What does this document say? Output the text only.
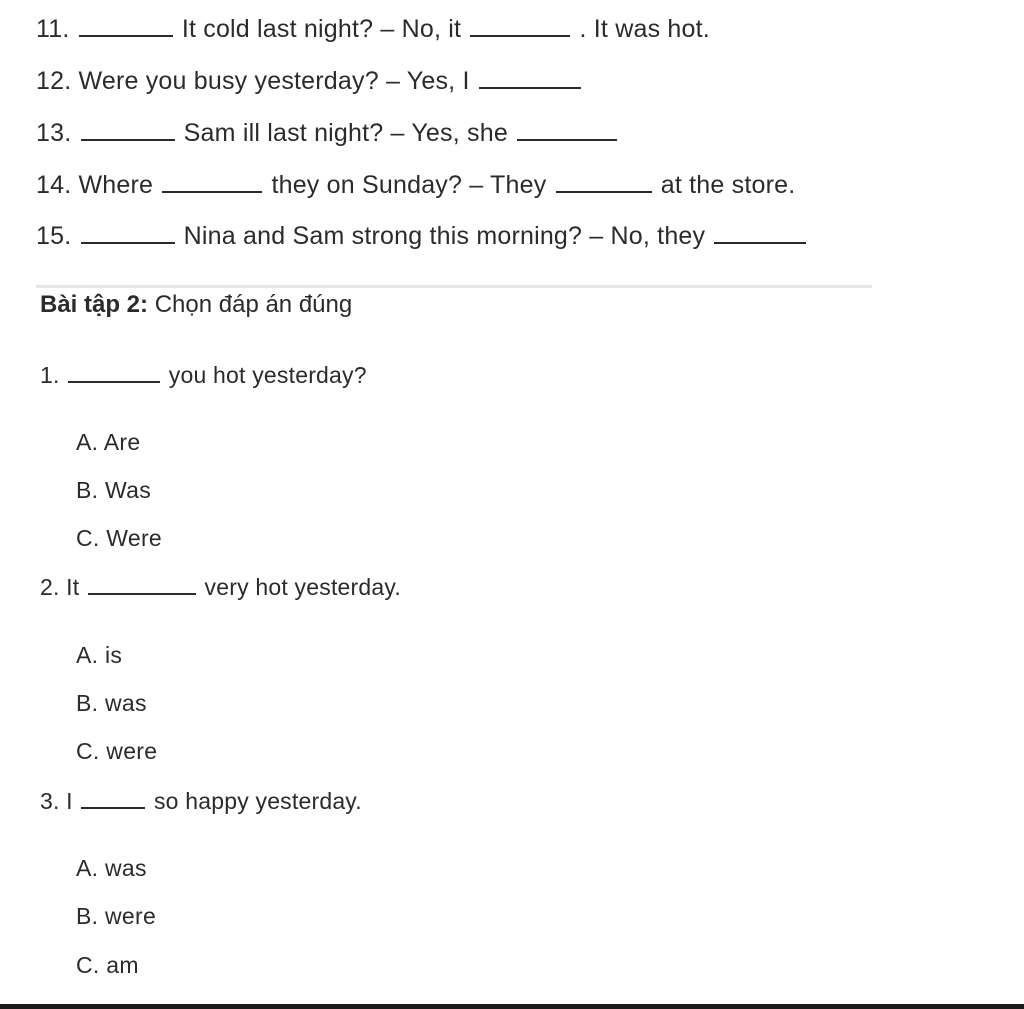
11.	It cold last night? – No, it	. It was hot.
12. Were you busy yesterday? – Yes, I
13.	Sam ill last night? – Yes, she
14. Where	they on Sunday? – They	at the store.
15.	Nina and Sam strong this morning? – No, they
Bài tập 2: Chọn đáp án đúng
1.	you hot yesterday?
A. Are
B. Was
C. Were
2. It	very hot yesterday.
A. is
B. was
C. were
3. I	so happy yesterday.
A. was
B. were
C. am
